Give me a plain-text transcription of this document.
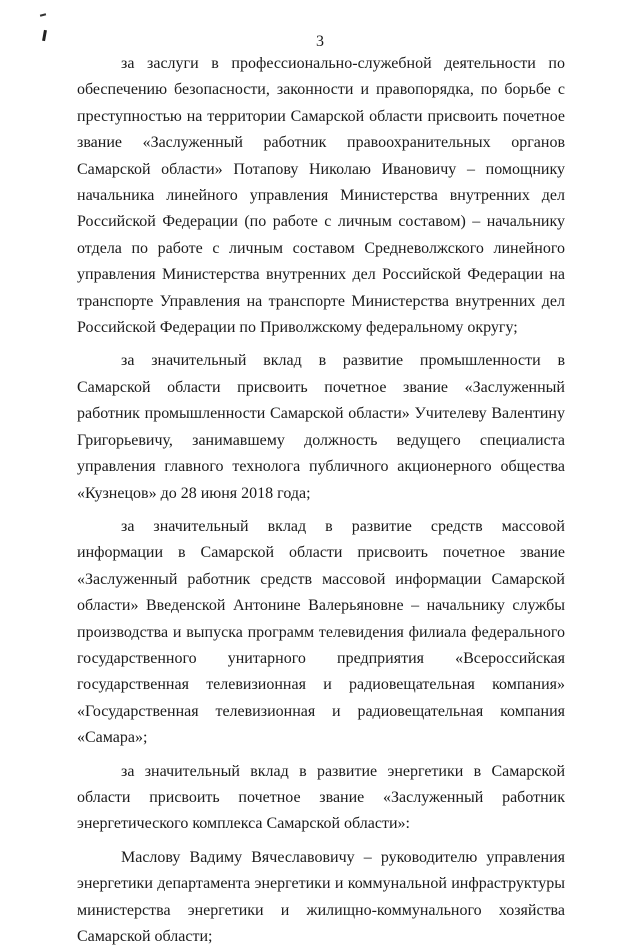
3

за заслуги в профессионально-служебной деятельности по обеспечению безопасности, законности и правопорядка, по борьбе с преступностью на территории Самарской области присвоить почетное звание «Заслуженный работник правоохранительных органов Самарской области» Потапову Николаю Ивановичу – помощнику начальника линейного управления Министерства внутренних дел Российской Федерации (по работе с личным составом) – начальнику отдела по работе с личным составом Средневолжского линейного управления Министерства внутренних дел Российской Федерации на транспорте Управления на транспорте Министерства внутренних дел Российской Федерации по Приволжскому федеральному округу;

за значительный вклад в развитие промышленности в Самарской области присвоить почетное звание «Заслуженный работник промышленности Самарской области» Учителеву Валентину Григорьевичу, занимавшему должность ведущего специалиста управления главного технолога публичного акционерного общества «Кузнецов» до 28 июня 2018 года;

за значительный вклад в развитие средств массовой информации в Самарской области присвоить почетное звание «Заслуженный работник средств массовой информации Самарской области» Введенской Антонине Валерьяновне – начальнику службы производства и выпуска программ телевидения филиала федерального государственного унитарного предприятия «Всероссийская государственная телевизионная и радиовещательная компания» «Государственная телевизионная и радиовещательная компания «Самара»;

за значительный вклад в развитие энергетики в Самарской области присвоить почетное звание «Заслуженный работник энергетического комплекса Самарской области»:

Маслову Вадиму Вячеславовичу – руководителю управления энергетики департамента энергетики и коммунальной инфраструктуры министерства энергетики и жилищно-коммунального хозяйства Самарской области;
